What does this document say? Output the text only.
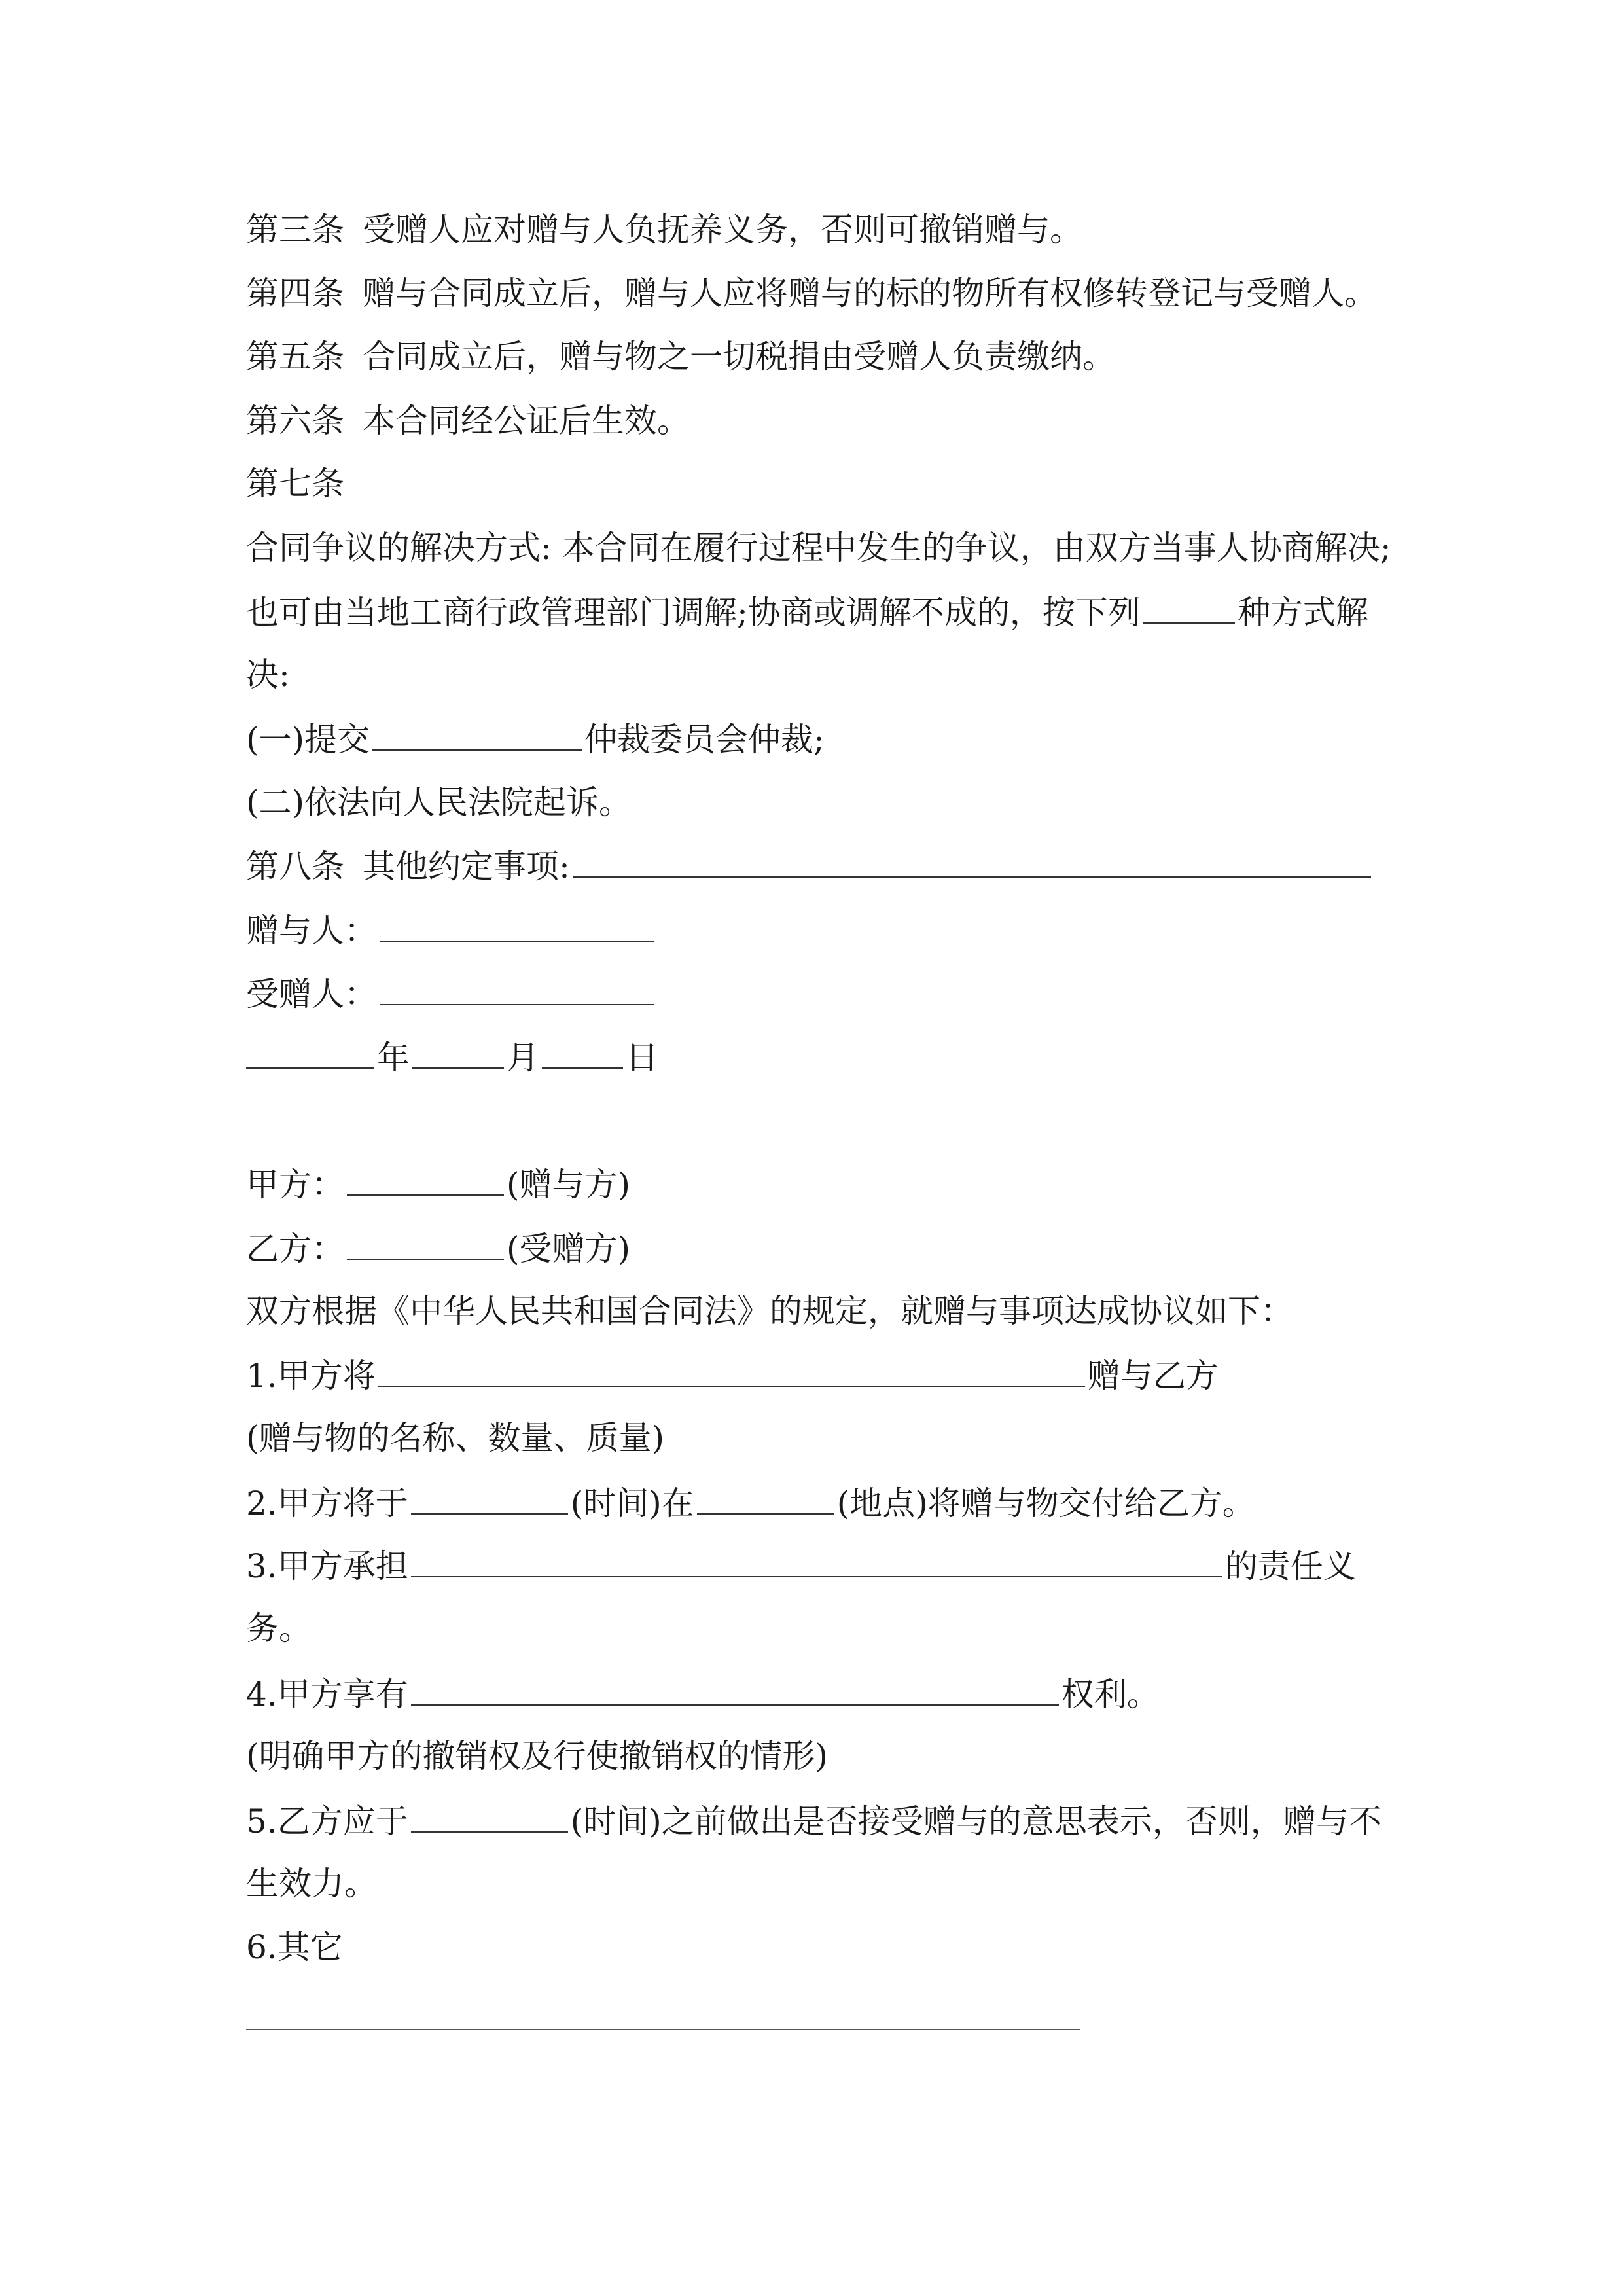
第三条 受赠人应对赠与人负抚养义务，否则可撤销赠与。
第四条 赠与合同成立后，赠与人应将赠与的标的物所有权修转登记与受赠人。
第五条 合同成立后，赠与物之一切税捐由受赠人负责缴纳。
第六条 本合同经公证后生效。
第七条
合同争议的解决方式: 本合同在履行过程中发生的争议，由双方当事人协商解决;
也可由当地工商行政管理部门调解;协商或调解不成的，按下列	种方式解
决:
(一)提交	仲裁委员会仲裁;
(二)依法向人民法院起诉。
第八条 其他约定事项:
赠与人：
受赠人：
年	月	日
甲方：	(赠与方)
乙方：	(受赠方)
双方根据《中华人民共和国合同法》的规定，就赠与事项达成协议如下：
1.甲方将	赠与乙方
(赠与物的名称、数量、质量)
2.甲方将于	(时间)在	(地点)将赠与物交付给乙方。
3.甲方承担	的责任义
务。
4.甲方享有	权利。
(明确甲方的撤销权及行使撤销权的情形)
5.乙方应于	(时间)之前做出是否接受赠与的意思表示，否则，赠与不
生效力。
6.其它
